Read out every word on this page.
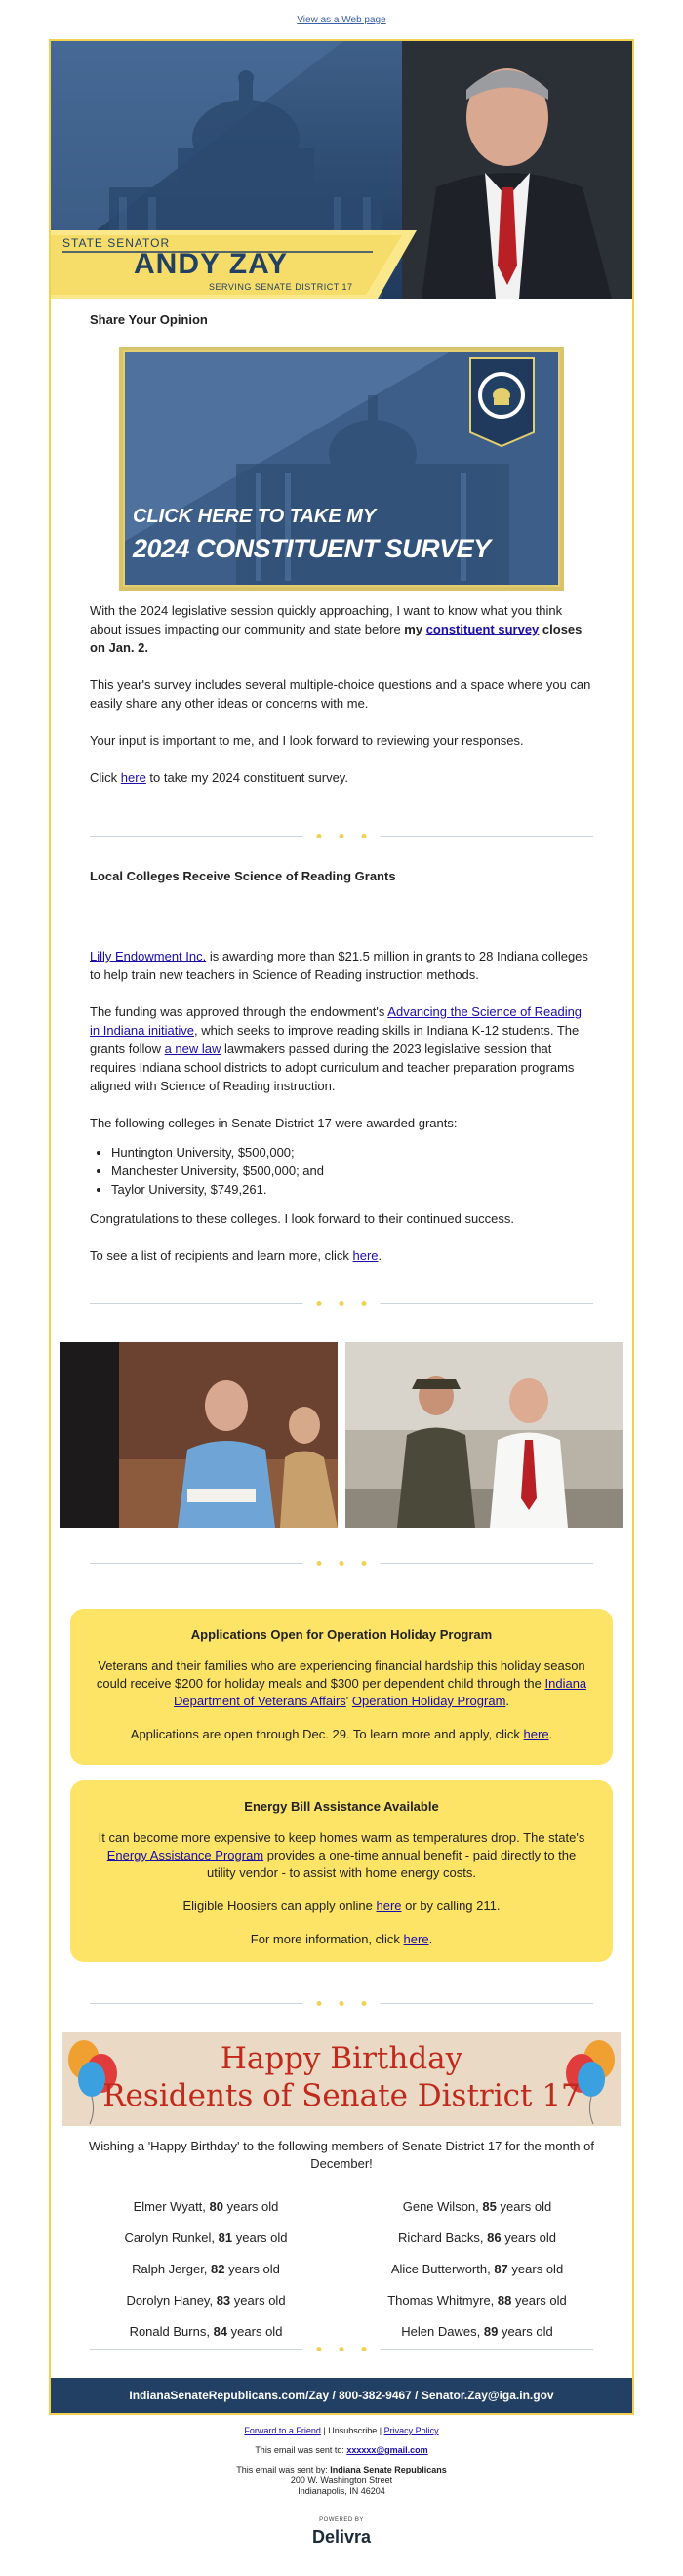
View as a Web page
STATE SENATOR
ANDY ZAY
SERVING SENATE DISTRICT 17
Share Your Opinion
CLICK HERE TO TAKE MY
2024 CONSTITUENT SURVEY

With the 2024 legislative session quickly approaching, I want to know what you think about issues impacting our community and state before my constituent survey closes on Jan. 2.

This year's survey includes several multiple-choice questions and a space where you can easily share any other ideas or concerns with me.

Your input is important to me, and I look forward to reviewing your responses.

Click here to take my 2024 constituent survey.

Local Colleges Receive Science of Reading Grants

Lilly Endowment Inc. is awarding more than $21.5 million in grants to 28 Indiana colleges to help train new teachers in Science of Reading instruction methods.

The funding was approved through the endowment's Advancing the Science of Reading in Indiana initiative, which seeks to improve reading skills in Indiana K-12 students. The grants follow a new law lawmakers passed during the 2023 legislative session that requires Indiana school districts to adopt curriculum and teacher preparation programs aligned with Science of Reading instruction.

The following colleges in Senate District 17 were awarded grants:

• Huntington University, $500,000;
• Manchester University, $500,000; and
• Taylor University, $749,261.

Congratulations to these colleges. I look forward to their continued success.

To see a list of recipients and learn more, click here.

Applications Open for Operation Holiday Program

Veterans and their families who are experiencing financial hardship this holiday season could receive $200 for holiday meals and $300 per dependent child through the Indiana Department of Veterans Affairs' Operation Holiday Program.

Applications are open through Dec. 29. To learn more and apply, click here.

Energy Bill Assistance Available

It can become more expensive to keep homes warm as temperatures drop. The state's Energy Assistance Program provides a one-time annual benefit - paid directly to the utility vendor - to assist with home energy costs.

Eligible Hoosiers can apply online here or by calling 211.

For more information, click here.

Happy Birthday
Residents of Senate District 17
Wishing a 'Happy Birthday' to the following members of Senate District 17 for the month of December!
Elmer Wyatt, 80 years old	Gene Wilson, 85 years old
Carolyn Runkel, 81 years old	Richard Backs, 86 years old
Ralph Jerger, 82 years old	Alice Butterworth, 87 years old
Dorolyn Haney, 83 years old	Thomas Whitmyre, 88 years old
Ronald Burns, 84 years old	Helen Dawes, 89 years old
IndianaSenateRepublicans.com/Zay / 800-382-9467 / Senator.Zay@iga.in.gov
Forward to a Friend | Unsubscribe | Privacy Policy
This email was sent to: xxxxxx@gmail.com
This email was sent by: Indiana Senate Republicans
200 W. Washington Street
Indianapolis, IN 46204
POWERED BY
Delivra
